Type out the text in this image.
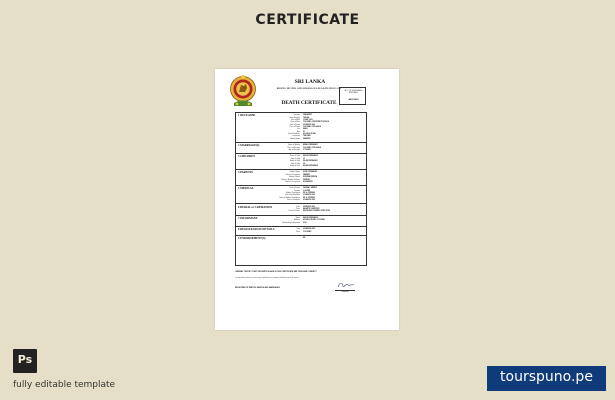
CERTIFICATE
SRI LANKA
BIRTHS, DEATHS AND MARRIAGES REGISTRATION ACT
DEATH CERTIFICATE
NO. OF FILES AND ENTRIES
A6972622
1 DECEASED	Surname FERNANDO
Given Name(s) THILINA
Date of Birth 15 MAY 1963
Place of Birth COLOMBO, WESTERN PROVINCE
Date of Death 02 MARCH 2021
Place of Death COLOMBO, SRI LANKA
Sex MALE
Age 57
Usual Residence 45 GALLE ROAD
Occupation TEACHER
Marital Status MARRIED
2 MARRIAGE(S)	Name of Spouse NIMALI FERNANDO
Place of Marriage COLOMBO, SRI LANKA
Age at Marriage 27 YEARS
3 CHILDREN	Name of Child KASUN FERNANDO
Age of Child 31
Name of Child DILANI FERNANDO
Age of Child 28
Name of Child ASHAN FERNANDO
4 PARENTS	Father's Name SUNIL FERNANDO
Father's Occupation FARMER
Mother's Name KUSUMA PERERA
Mother's Maiden Surname PERERA
Mother's Occupation HOUSEWIFE
5 MEDICAL	Cause of Death CARDIAC ARREST
Duration 2 HOURS
Medical Practitioner DR. A. PERERA
Date Last Seen Alive 01 MARCH 2021
Name of Medical Practitioner DR. A. PERERA
Date of Certificate 03 MARCH 2021
6 BURIAL or CREMATION	Date 04 MARCH 2021
Place KANATTE CEMETERY
Funeral Director RAYMONDS FUNERAL DIRECTORS
7 INFORMANT	Name KASUN FERNANDO
Address 45 GALLE ROAD, COLOMBO
Relationship to deceased SON
8 REGISTRATION DETAILS	Date 05 MARCH 2021
Place COLOMBO
9 ENDORSEMENT(S)	NIL
I HEREBY CERTIFY THAT THE PARTICULARS IN THIS CERTIFICATE ARE TRUE AND CORRECT
I certify that the above is a true copy of particulars in a register of deaths kept in Sri Lanka.
REGISTRAR OF BIRTHS, DEATHS AND MARRIAGES
Registrar
Ps
fully editable template	tourspuno.pe
